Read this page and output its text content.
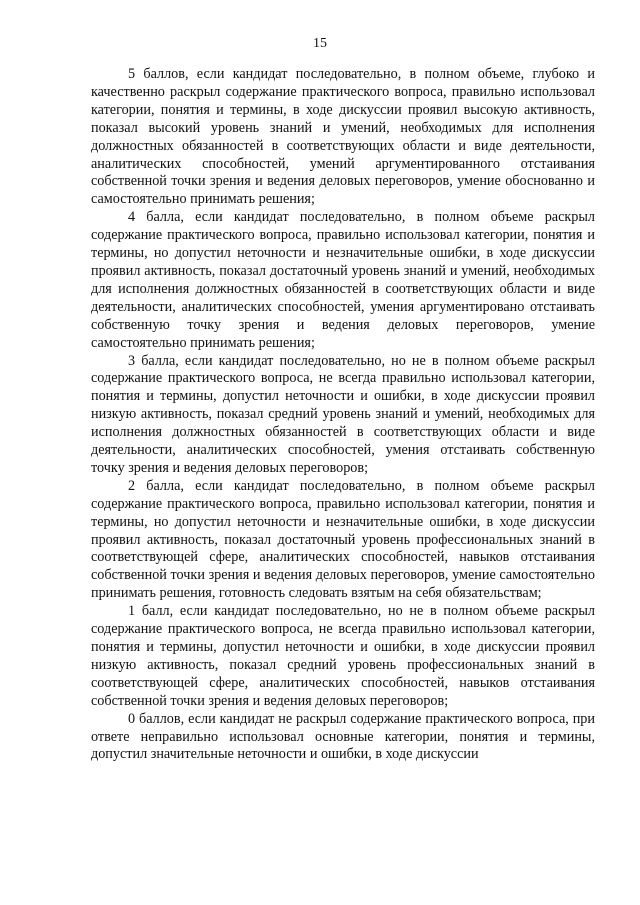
15

5 баллов, если кандидат последовательно, в полном объеме, глубоко и качественно раскрыл содержание практического вопроса, правильно использовал категории, понятия и термины, в ходе дискуссии проявил высокую активность, показал высокий уровень знаний и умений, необходимых для исполнения должностных обязанностей в соответствующих области и виде деятельности, аналитических способностей, умений аргументированного отстаивания собственной точки зрения и ведения деловых переговоров, умение обоснованно и самостоятельно принимать решения;

4 балла, если кандидат последовательно, в полном объеме раскрыл содержание практического вопроса, правильно использовал категории, понятия и термины, но допустил неточности и незначительные ошибки, в ходе дискуссии проявил активность, показал достаточный уровень знаний и умений, необходимых для исполнения должностных обязанностей в соответствующих области и виде деятельности, аналитических способностей, умения аргументировано отстаивать собственную точку зрения и ведения деловых переговоров, умение самостоятельно принимать решения;

3 балла, если кандидат последовательно, но не в полном объеме раскрыл содержание практического вопроса, не всегда правильно использовал категории, понятия и термины, допустил неточности и ошибки, в ходе дискуссии проявил низкую активность, показал средний уровень знаний и умений, необходимых для исполнения должностных обязанностей в соответствующих области и виде деятельности, аналитических способностей, умения отстаивать собственную точку зрения и ведения деловых переговоров;

2 балла, если кандидат последовательно, в полном объеме раскрыл содержание практического вопроса, правильно использовал категории, понятия и термины, но допустил неточности и незначительные ошибки, в ходе дискуссии проявил активность, показал достаточный уровень профессиональных знаний в соответствующей сфере, аналитических способностей, навыков отстаивания собственной точки зрения и ведения деловых переговоров, умение самостоятельно принимать решения, готовность следовать взятым на себя обязательствам;

1 балл, если кандидат последовательно, но не в полном объеме раскрыл содержание практического вопроса, не всегда правильно использовал категории, понятия и термины, допустил неточности и ошибки, в ходе дискуссии проявил низкую активность, показал средний уровень профессиональных знаний в соответствующей сфере, аналитических способностей, навыков отстаивания собственной точки зрения и ведения деловых переговоров;

0 баллов, если кандидат не раскрыл содержание практического вопроса, при ответе неправильно использовал основные категории, понятия и термины, допустил значительные неточности и ошибки, в ходе дискуссии
